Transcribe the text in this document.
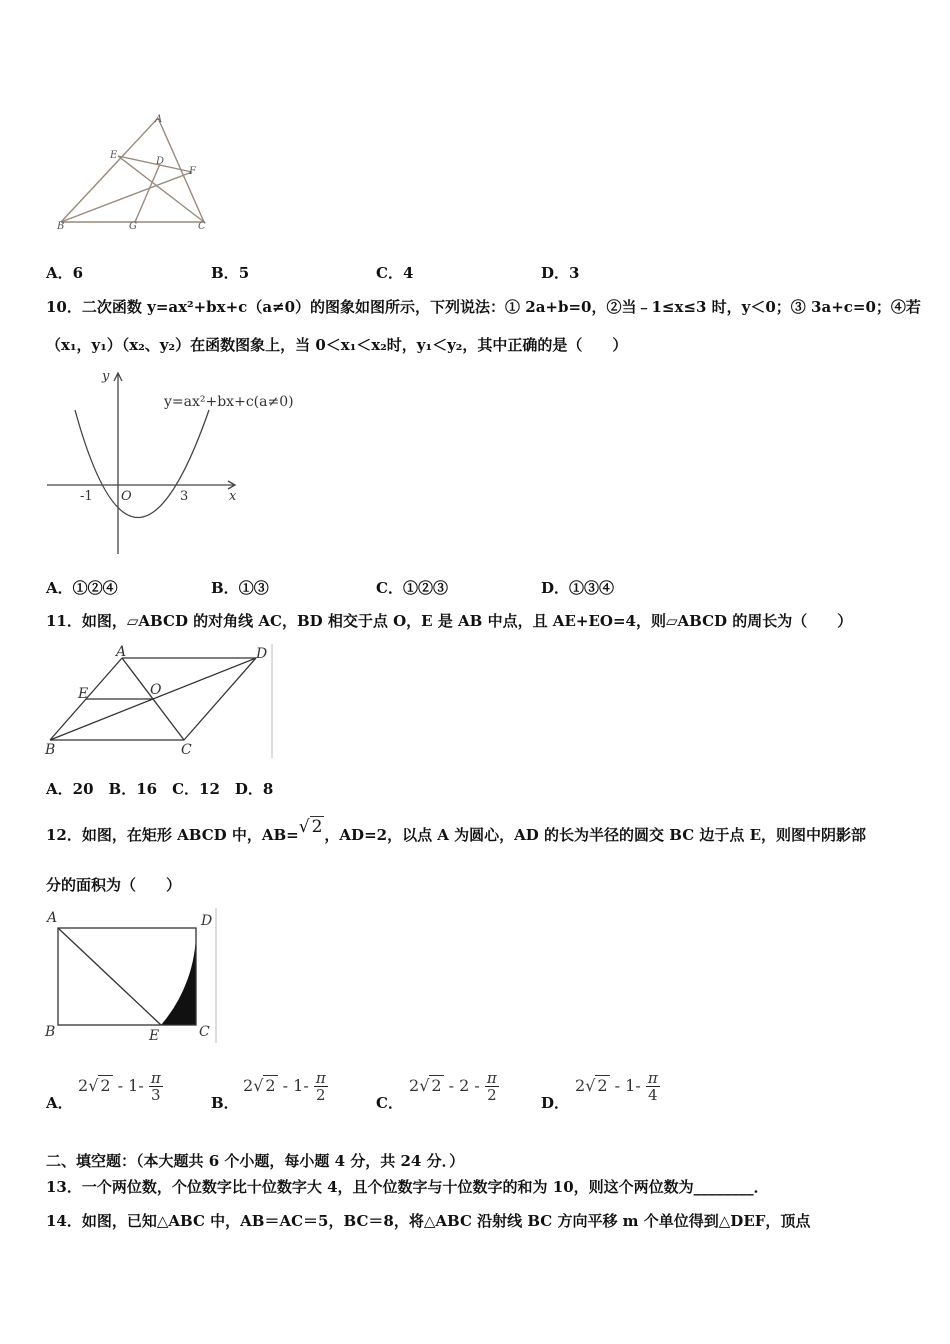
A
E
D
F
B	G	C
A．6	B．5	C．4	D．3
10．二次函数 y=ax²+bx+c（a≠0）的图象如图所示，下列说法：① 2a+b=0，②当﹣1≤x≤3 时，y＜0；③ 3a+c=0；④若
（x₁，y₁）（x₂、y₂）在函数图象上，当 0＜x₁＜x₂时，y₁＜y₂，其中正确的是（　　）
y
y=ax²+bx+c(a≠0)
-1 O	3	x
A．①②④	B．①③	C．①②③	D．①③④
11．如图，▱ABCD 的对角线 AC，BD 相交于点 O，E 是 AB 中点，且 AE+EO=4，则▱ABCD 的周长为（　　）
A	D
E	O
B	C
A．20　B．16　C．12　D．8
12．如图，在矩形 ABCD 中，AB=√ 2 ，AD=2，以点 A 为圆心，AD 的长为半径的圆交 BC 边于点 E，则图中阴影部
分的面积为（　　）
A	D
B	E	C
A．
2√ $2 - 1- \frac{\pi}{3}$	B．
2√ $2 - 1- \frac{\pi}{2}$	C．
2√ $2 - 2 - \frac{\pi}{2}$	D．
2√ $2 - 1- \frac{\pi}{4}$
二、填空题：（本大题共 6 个小题，每小题 4 分，共 24 分．）
13．一个两位数，个位数字比十位数字大 4，且个位数字与十位数字的和为 10，则这个两位数为________．
14．如图，已知△ABC 中，AB＝AC＝5，BC＝8，将△ABC 沿射线 BC 方向平移 m 个单位得到△DEF，顶点
